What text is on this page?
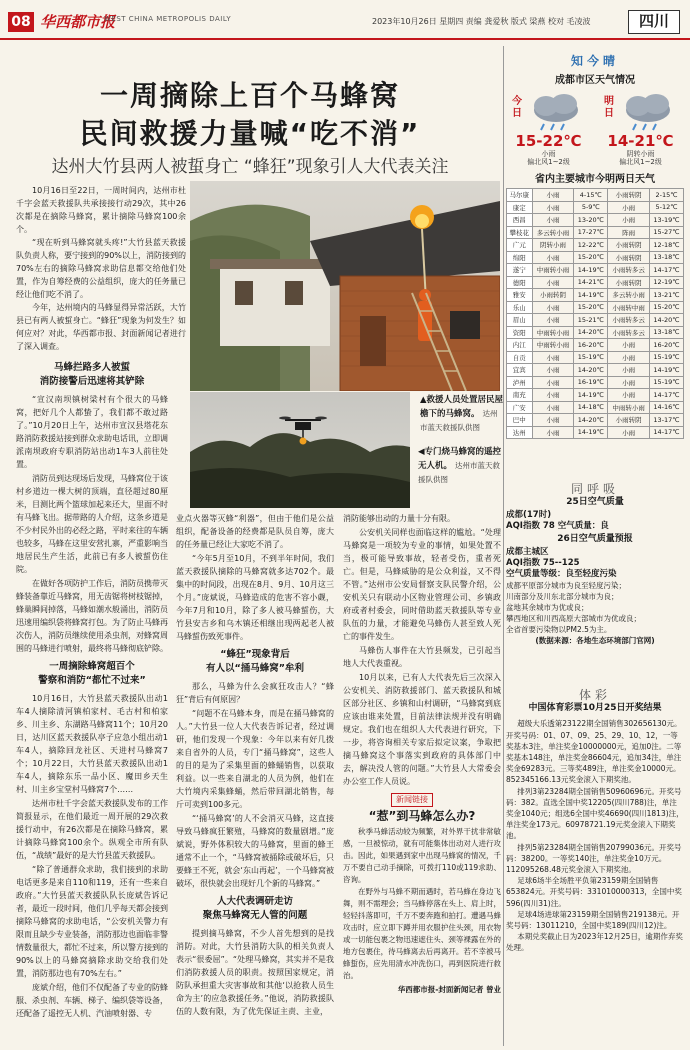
08 华西都市报
WEST CHINA METROPOLIS DAILY	2023年10月26日 星期四 责编 龚爱秋 版式 梁燕 校对 毛凌波	四川
一周摘除上百个马蜂窝
民间救援力量喊“吃不消”
达州大竹县两人被蜇身亡 “蜂狂”现象引人大代表关注

10月16日至22日，一周时间内，达州市杜千字会蓝天救援队共承接接行动29次，其中26次都是在摘除马蜂窝，累计摘除马蜂窝100余个。

“现在听到马蜂窝就头疼!”大竹县蓝天救援队负责人称，要宁接到的90%以上，消防接到的70%左右的摘除马蜂窝求助信息都交给他们处置，作为自筹经费的公益组织，庞大的任务量已经让他们吃不消了。

今年，达州境内的马蜂显得异常活跃，大竹县已有两人被蜇身亡。“蜂狂”现象为何发生？如何应对？对此，华西都市报、封面新闻记者进行了深入调查。

▲救援人员处置居民屋檐下的马蜂窝。 达州市蓝天救援队供图
◀专门烧马蜂窝的遥控无人机。 达州市蓝天救援队供图
马蜂拦路多人被蜇
消防接警后迅速将其铲除

“宣汉南坝镇树梁村有个很大的马蜂窝，把好几个人都蛰了，我们都不敢过路了。”10月20日上午，达州市宣汉县塔花东路消防救援站接到群众求助电话讯，立即调派南坝政府专职消防站出动1车3人前往处置。

消防员到达现场后发现，马蜂窝位于该村乡道边一棵大树的顶端，直径超过80厘米，目测比两个篮球加起来还大，里面不时有马蜂飞出。据带路的人介绍，这条乡道是不少村民外出的必经之路，平时来往的车辆也较多，马蜂在这里安营扎寨，严重影响当地居民生产生活，此前已有多人被蜇伤住院。

在做好各项防护工作后，消防员携带灭蜂装备靠近马蜂窝，用无齿锯将树枝锯掉，蜂巢瞬间掉落，马蜂如潮水般涌出，消防员迅速用编织袋将蜂窝打包。为了防止马蜂再次伤人，消防员继续使用杀虫剂，对蜂窝周围的马蜂进行喷射，最终将马蜂彻底铲除。

一周摘除蜂窝超百个
警察和消防“都忙不过来”

10月16日，大竹县蓝天救援队出动1车4人摘除清河镇柏家村、毛古村和柏家乡、川主乡、东湖路马蜂窝11个；10月20日，达川区蓝天救援队亭子应急小组出动1车4人，摘除回龙社区、天进村马蜂窝7个；10月22日，大竹县蓝天救援队出动1车4人，摘除东乐一品小区、魔田乡天生村、川主乡宝堂村马蜂窝7个……

达州市杜千字会蓝天救援队发布的工作简报显示，在他们最近一周开展的29次救援行动中，有26次都是在摘除马蜂窝，累计摘除马蜂窝100余个。纵观全市所有队伍，“战绩”最好的是大竹县蓝天救援队。

“除了普通群众求助，我们接到的求助电话更多是来自110和119，还有一些来自政府。”大竹县蓝天救援队队长庞斌告诉记者，最近一段时间，他们几乎每天都会接到摘除马蜂窝的求助电话，“公安机关警力有限而且缺少专业装备，消防那边也面临非警情数量很大，都忙不过来，所以警方接到的90%以上的马蜂窝摘除求助交给我们处置，消防那边也有70%左右。”

庞斌介绍，他们不仅配备了专业的防蜂服、杀虫剂、车辆、梯子、编织袋等设备，还配备了遥控无人机、汽油喷射器、专

业点火器等灭蜂“利器”，但由于他们是公益组织，配备设备的经费都是队员自筹，庞大的任务量已经让大家吃不消了。

“今年5月至10月，不到半年时间，我们蓝天救援队摘除的马蜂窝就多达702个。最集中的时间段，出现在8月、9月、10月这三个月。”庞斌说，马蜂造成的危害不容小觑，今年7月和10月，除了多人被马蜂蜇伤，大竹县安吉乡和乌木镇还相继出现两起老人被马蜂蜇伤致死事件。

“蜂狂”现象背后
有人以“捅马蜂窝”牟利

那么，马蜂为什么会疯狂攻击人？“蜂狂”背后有何原因？

“问题不在马蜂本身，而是在捅马蜂窝的人。”大竹县一位人大代表告诉记者，经过调研，他们发现一个现象：今年以来有好几拨来自省外的人员，专门“捅马蜂窝”，这些人的目的是为了采集里面的蜂蛹销售，以获取利益。以一些来自湖北的人员为例，他们在大竹境内采集蜂蛹，然后带回湖北销售，每斤可卖到100多元。

“‘捅马蜂窝’的人不会消灭马蜂，这直接导致马蜂疯狂繁殖，马蜂窝的数量剧增。”庞斌说，野外体积较大的马蜂窝，里面的蜂王通常不止一个，“马蜂窝被捅除或破坏后，只要蜂王不死，就会‘东山再起’，一个马蜂窝被破坏，很快就会出现好几个新的马蜂窝。”

人大代表调研走访
聚焦马蜂窝无人管的问题

提到摘马蜂窝，不少人首先想到的是找消防。对此，大竹县消防大队的相关负责人表示“很委屈”。“处理马蜂窝，其实并不是我们消防救援人员的职责。按照国家规定，消防队承担重大灾害事故和其他‘以抢救人员生命为主’的应急救援任务。”他说，消防救援队伍的人数有限，为了优先保证主责、主业，

消防能够出动的力量十分有限。

公安机关同样也面临这样的尴尬。“处理马蜂窝是一项较为专业的事情，如果处置不当，极可能导致事故，轻者受伤，重者死亡。但是，马蜂威胁的是公众利益，又不得不管。”达州市公安局督察支队民警介绍，公安机关只有联动小区物业管理公司、乡镇政府或者村委会，同时借助蓝天救援队等专业队伍的力量，才能避免马蜂伤人甚至致人死亡的事件发生。

马蜂伤人事件在大竹县频发，已引起当地人大代表重视。

10月以来，已有人大代表先后三次深入公安机关、消防救援部门、蓝天救援队和城区部分社区、乡镇和山村调研，“马蜂窝到底应该由谁来处置，目前法律法规并没有明确规定。我们也在组织人大代表进行研究，下一步，将咨询相关专家后拟定议案，争取把摘马蜂窝这个事落实到政府的具体部门中去，解决没人管的问题。”大竹县人大常委会办公室工作人员说。

新闻链接
“惹”到马蜂怎么办?

秋季马蜂活动较为频繁，对外界干扰非常敏感，一旦被惊动，就有可能集体出动对人进行攻击。因此，如果遇到家中出现马蜂窝的情况，千万不要自己动手摘除，可拨打110或119求助、咨询。

在野外与马蜂不期而遇时，若马蜂在身边飞舞，则不需理会；当马蜂停落在头上、肩上时，轻轻抖落即可，千万不要奔跑和拍打。遭遇马蜂攻击时，应立即下蹲并用衣服护住头颈，用衣物或一切能包裹之物迅速遮住头、颈等裸露在外的地方包裹住，待马蜂离去后再离开。若不幸被马蜂蜇伤，应先用清水冲洗伤口，再到医院进行救治。

华西都市报-封面新闻记者 曾业
知今晴
成都市区天气情况
今日
15-22℃
小雨
偏北风1~2级
明日
14-21℃
阴转小雨
偏北风1~2级
省内主要城市今明两日天气
马尔康	小雨	4-15℃	小雨转阴	2-15℃
康定	小雨	5-9℃	小雨	5-12℃
西昌	小雨	13-20℃	小雨	13-19℃
攀枝花	多云转小雨	17-27℃	阵雨	15-27℃
广元	阴转小雨	12-22℃	小雨转阴	12-18℃
绵阳	小雨	15-20℃	小雨转阴	13-18℃
遂宁	中雨转小雨	14-19℃	小雨转多云	14-17℃
德阳	小雨	14-21℃	小雨转阴	12-19℃
雅安	小雨转阴	14-19℃	多云转小雨	13-21℃
乐山	小雨	15-20℃	小雨转中雨	15-20℃
眉山	小雨	15-21℃	小雨转多云	14-20℃
资阳	中雨转小雨	14-20℃	小雨转多云	13-18℃
内江	中雨转小雨	16-20℃	小雨	16-20℃
自贡	小雨	15-19℃	小雨	15-19℃
宜宾	小雨	14-20℃	小雨	14-19℃
泸州	小雨	16-19℃	小雨	15-19℃
南充	小雨	14-19℃	小雨	14-17℃
广安	小雨	14-18℃	中雨转小雨	14-16℃
巴中	小雨	14-20℃	小雨转阴	13-17℃
达州	小雨	14-19℃	小雨	14-17℃
同呼吸
25日空气质量
成都(17时)
AQI指数 78 空气质量：良
26日空气质量预报
成都主城区
AQI指数 75--125
空气质量等级：良至轻度污染
成都平原部分城市为良至轻度污染；
川南部分及川东北部分城市为良；
盆地其余城市为优或良；
攀西地区和川西高原大部城市为优或良；
全省首要污染物以PM2.5为主。
(数据来源：各地生态环境部门官网)
体彩
中国体育彩票10月25日开奖结果

超级大乐透第23122期全国销售302656130元。开奖号码：01、07、09、25、29、10、12，一等奖基本3注，单注奖金10000000元，追加0注。二等奖基本148注，单注奖金86604元，追加34注，单注奖金69283元。三等奖489注，单注奖金10000元。852345166.13元奖金滚入下期奖池。

排列3第23284期全国销售50960696元。开奖号码：382。直选全国中奖12205(四川788)注，单注奖金1040元；组选6全国中奖46690(四川1813)注，单注奖金173元。60978721.19元奖金滚入下期奖池。

排列5第23284期全国销售20799036元。开奖号码：38200。一等奖140注，单注奖金10万元。112095268.48元奖金滚入下期奖池。

足球6场半全场胜平负第23159期全国销售653824元。开奖号码：331010000313，全国中奖596(四川31)注。

足球4场进球第23159期全国销售219138元。开奖号码：13011210，全国中奖189(四川12)注。

本期兑奖截止日为2023年12月25日，逾期作弃奖处理。
